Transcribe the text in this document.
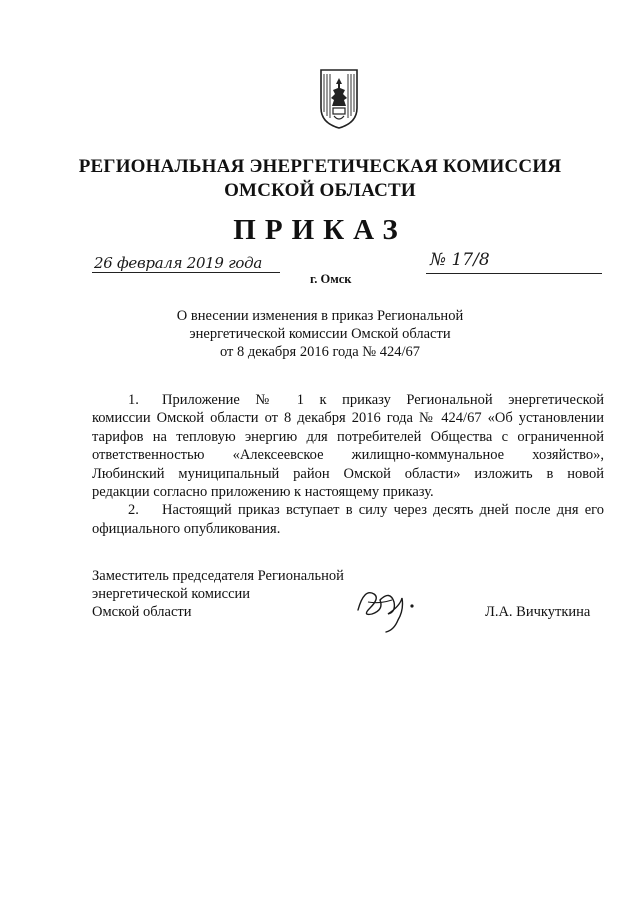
РЕГИОНАЛЬНАЯ ЭНЕРГЕТИЧЕСКАЯ КОМИССИЯ
ОМСКОЙ ОБЛАСТИ
ПРИКАЗ
26 февраля 2019 года
г. Омск
№ 17/8
О внесении изменения в приказ Региональной
энергетической комиссии Омской области
от 8 декабря 2016 года № 424/67
1. Приложение № 1 к приказу Региональной энергетической
комиссии Омской области от 8 декабря 2016 года № 424/67 «Об установлении
тарифов на тепловую энергию для потребителей Общества с ограниченной
ответственностью «Алексеевское жилищно-коммунальное хозяйство»,
Любинский муниципальный район Омской области» изложить в новой
редакции согласно приложению к настоящему приказу.
2. Настоящий приказ вступает в силу через десять дней после дня его
официального опубликования.
Заместитель председателя Региональной
энергетической комиссии
Омской области	Л.А. Вичкуткина
